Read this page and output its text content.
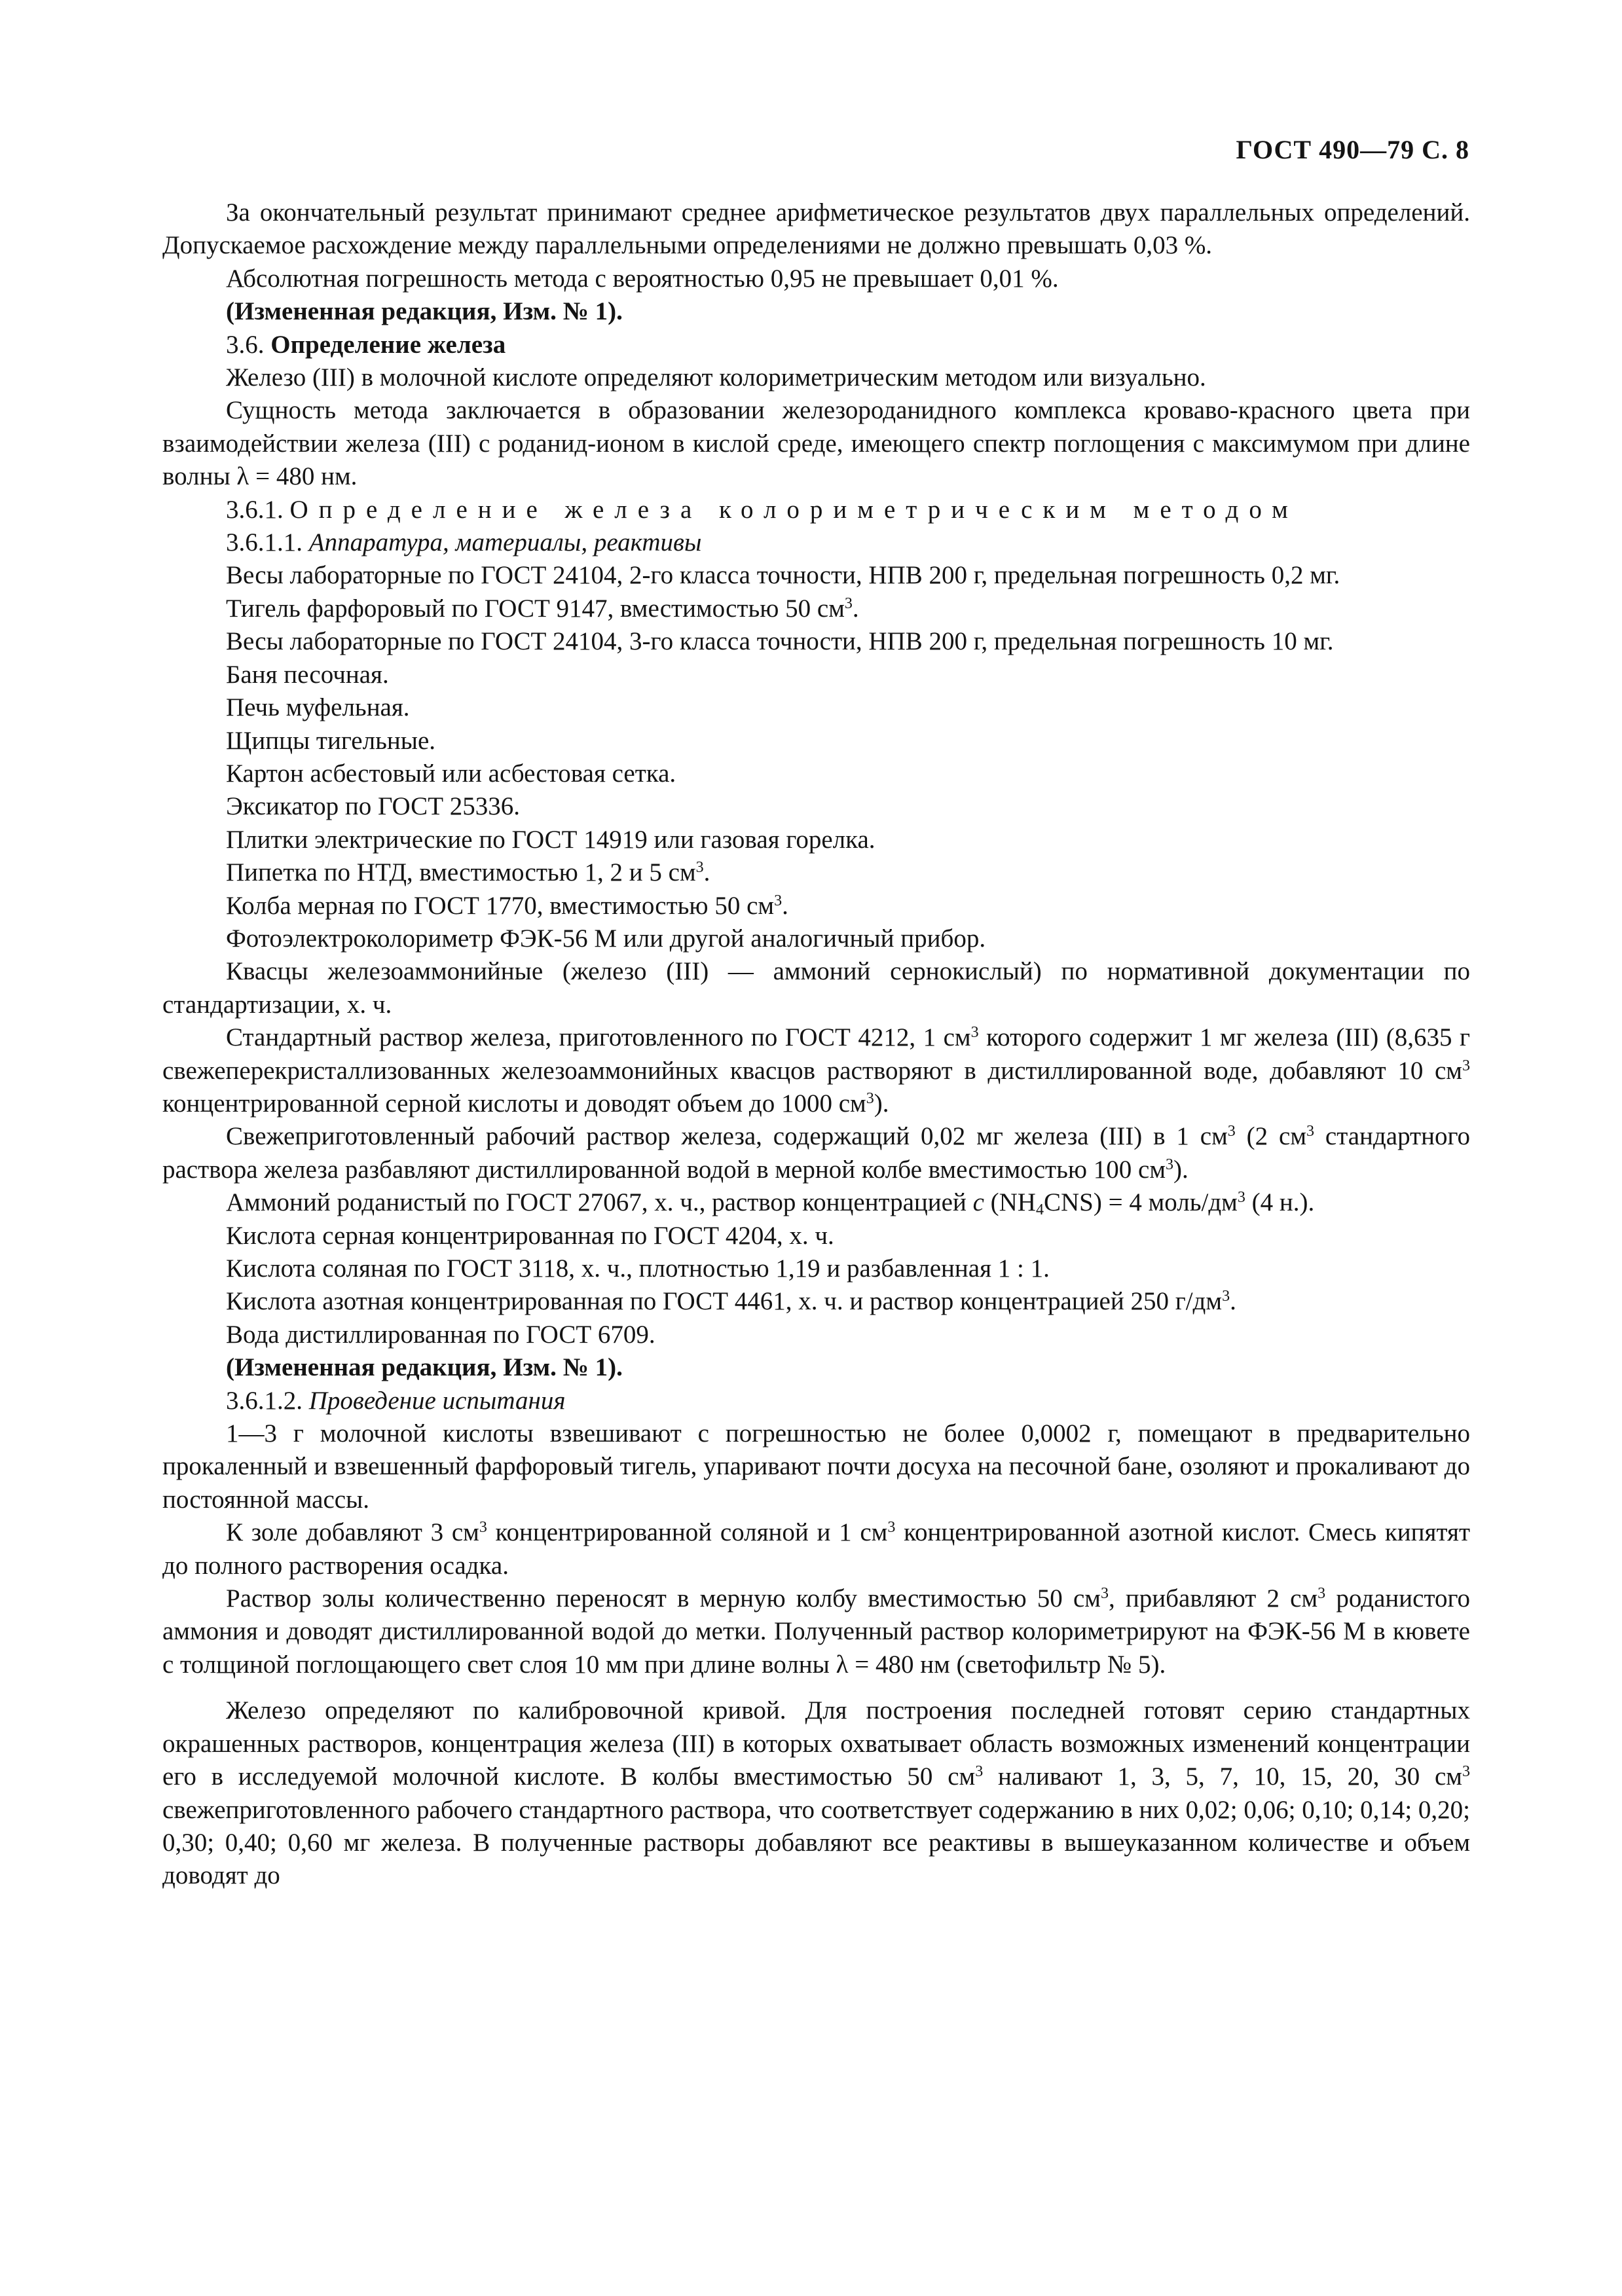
ГОСТ 490—79 С. 8

За окончательный результат принимают среднее арифметическое результатов двух параллельных определений. Допускаемое расхождение между параллельными определениями не должно превышать 0,03 %.

Абсолютная погрешность метода с вероятностью 0,95 не превышает 0,01 %.

(Измененная редакция, Изм. № 1).

3.6. Определение железа

Железо (III) в молочной кислоте определяют колориметрическим методом или визуально.

Сущность метода заключается в образовании железороданидного комплекса кроваво-красного цвета при взаимодействии железа (III) с роданид-ионом в кислой среде, имеющего спектр поглощения с максимумом при длине волны λ = 480 нм.

3.6.1. Определение железа колориметрическим методом

3.6.1.1. Аппаратура, материалы, реактивы

Весы лабораторные по ГОСТ 24104, 2-го класса точности, НПВ 200 г, предельная погрешность 0,2 мг.

Тигель фарфоровый по ГОСТ 9147, вместимостью 50 $см^3$.

Весы лабораторные по ГОСТ 24104, 3-го класса точности, НПВ 200 г, предельная погрешность 10 мг.

Баня песочная.

Печь муфельная.

Щипцы тигельные.

Картон асбестовый или асбестовая сетка.

Эксикатор по ГОСТ 25336.

Плитки электрические по ГОСТ 14919 или газовая горелка.

Пипетка по НТД, вместимостью 1, 2 и 5 $см^3$.

Колба мерная по ГОСТ 1770, вместимостью 50 $см^3$.

Фотоэлектроколориметр ФЭК-56 М или другой аналогичный прибор.

Квасцы железоаммонийные (железо (III) — аммоний сернокислый) по нормативной документации по стандартизации, х. ч.

Стандартный раствор железа, приготовленного по ГОСТ 4212, 1 $см^3$ которого содержит 1 мг железа (III) (8,635 г свежеперекристаллизованных железоаммонийных квасцов растворяют в дистиллированной воде, добавляют 10 $см^3$ концентрированной серной кислоты и доводят объем до 1000 $см^3$).

Свежеприготовленный рабочий раствор железа, содержащий 0,02 мг железа (III) в 1 $см^3$ (2 $см^3$ стандартного раствора железа разбавляют дистиллированной водой в мерной колбе вместимостью 100 $см^3$).

Аммоний роданистый по ГОСТ 27067, х. ч., раствор концентрацией c $(NH_4CNS) = 4$ моль/$дм^3$ (4 н.).

Кислота серная концентрированная по ГОСТ 4204, х. ч.

Кислота соляная по ГОСТ 3118, х. ч., плотностью 1,19 и разбавленная 1 : 1.

Кислота азотная концентрированная по ГОСТ 4461, х. ч. и раствор концентрацией 250 $г/дм^3$.

Вода дистиллированная по ГОСТ 6709.

(Измененная редакция, Изм. № 1).

3.6.1.2. Проведение испытания

1—3 г молочной кислоты взвешивают с погрешностью не более 0,0002 г, помещают в предварительно прокаленный и взвешенный фарфоровый тигель, упаривают почти досуха на песочной бане, озоляют и прокаливают до постоянной массы.

К золе добавляют 3 $см^3$ концентрированной соляной и 1 $см^3$ концентрированной азотной кислот. Смесь кипятят до полного растворения осадка.

Раствор золы количественно переносят в мерную колбу вместимостью 50 $см^3$, прибавляют 2 $см^3$ роданистого аммония и доводят дистиллированной водой до метки. Полученный раствор колориметрируют на ФЭК-56 М в кювете с толщиной поглощающего свет слоя 10 мм при длине волны λ = 480 нм (светофильтр № 5).

Железо определяют по калибровочной кривой. Для построения последней готовят серию стандартных окрашенных растворов, концентрация железа (III) в которых охватывает область возможных изменений концентрации его в исследуемой молочной кислоте. В колбы вместимостью 50 $см^3$ наливают 1, 3, 5, 7, 10, 15, 20, 30 $см^3$ свежеприготовленного рабочего стандартного раствора, что соответствует содержанию в них 0,02; 0,06; 0,10; 0,14; 0,20; 0,30; 0,40; 0,60 мг железа. В полученные растворы добавляют все реактивы в вышеуказанном количестве и объем доводят до
